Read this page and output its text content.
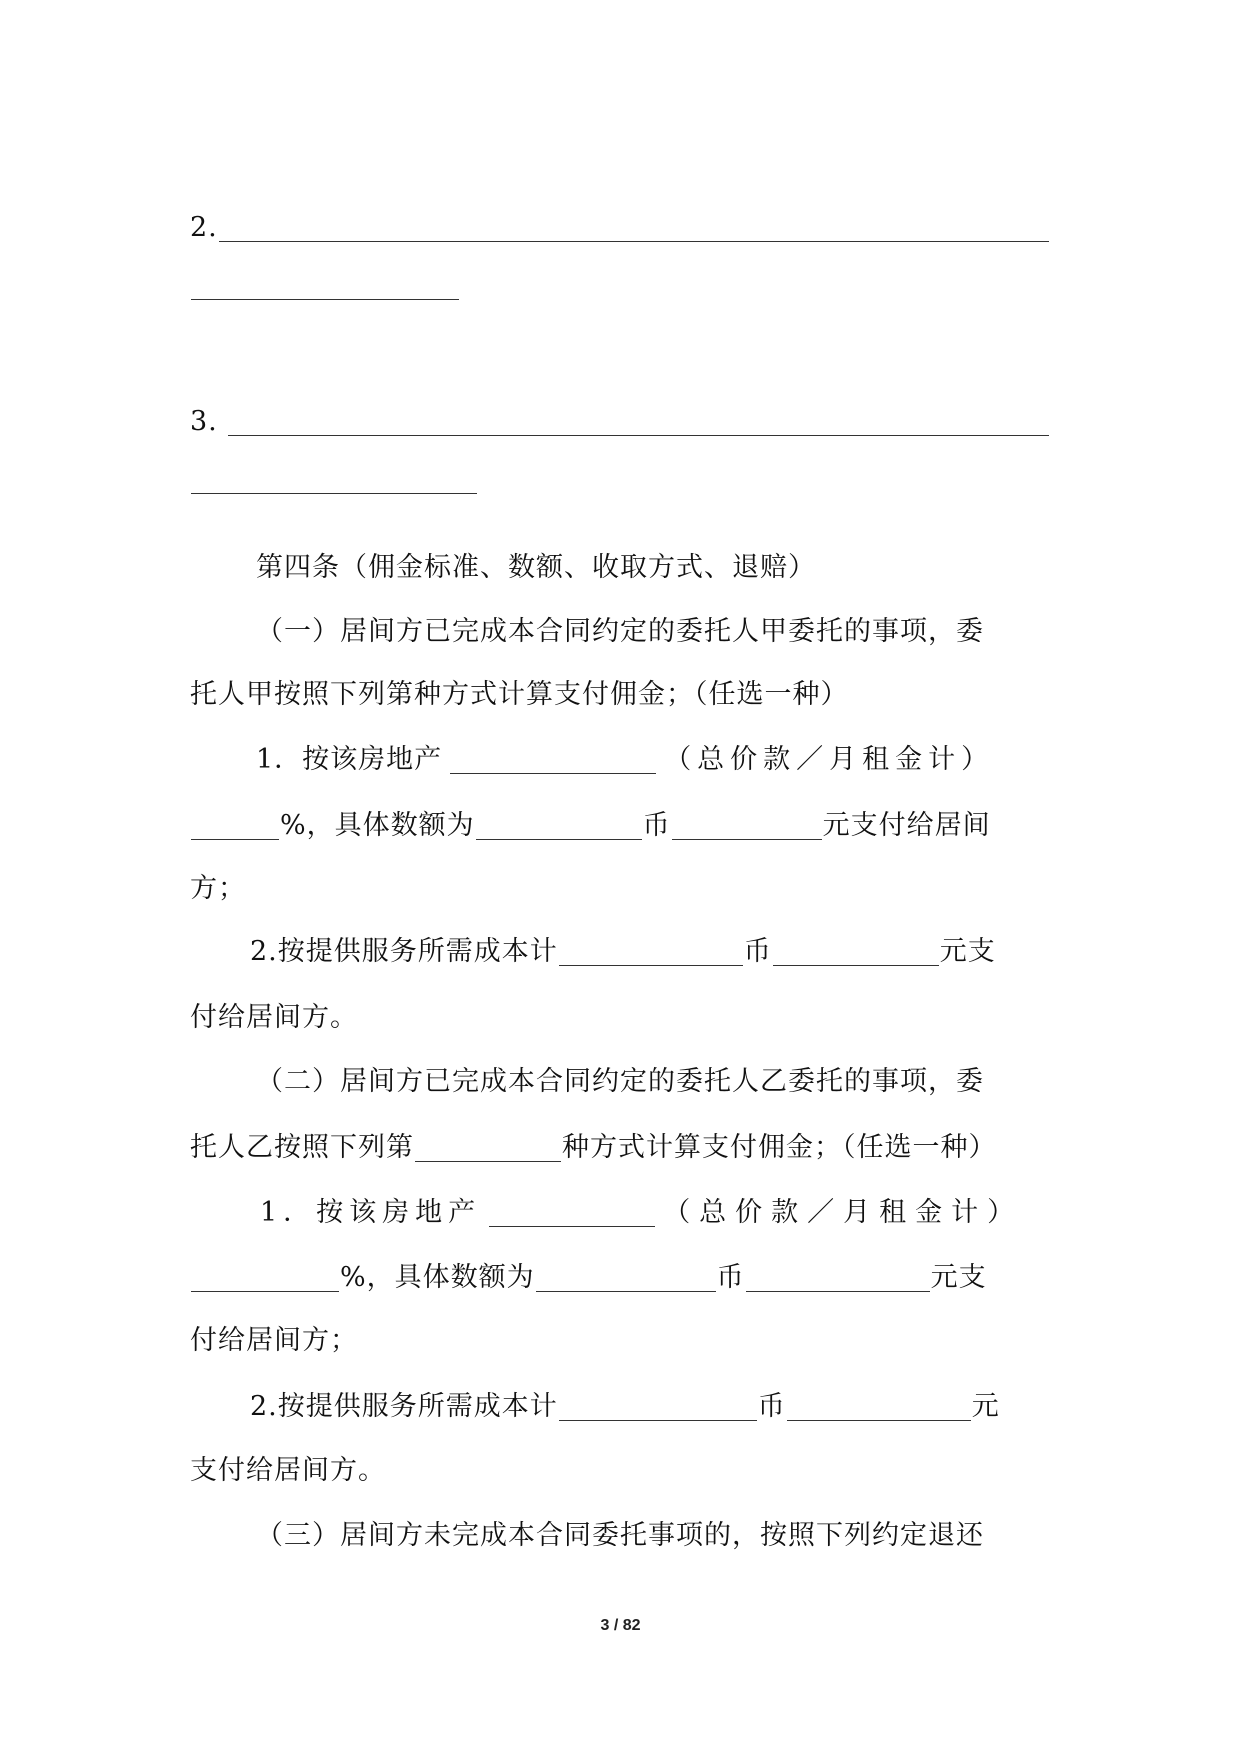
2.
3.
第四条（佣金标准、数额、收取方式、退赔）
（一）居间方已完成本合同约定的委托人甲委托的事项，委
托人甲按照下列第种方式计算支付佣金；（任选一种）
1．按该房地产	（总价款／月租金计）
%，具体数额为	币	元支付给居间
方；
2.按提供服务所需成本计	币	元支
付给居间方。
（二）居间方已完成本合同约定的委托人乙委托的事项，委
托人乙按照下列第	种方式计算支付佣金；（任选一种）
1．按该房地产	（总价款／月租金计）
%，具体数额为	币	元支
付给居间方；
2.按提供服务所需成本计	币	元
支付给居间方。
（三）居间方未完成本合同委托事项的，按照下列约定退还
3 / 82
